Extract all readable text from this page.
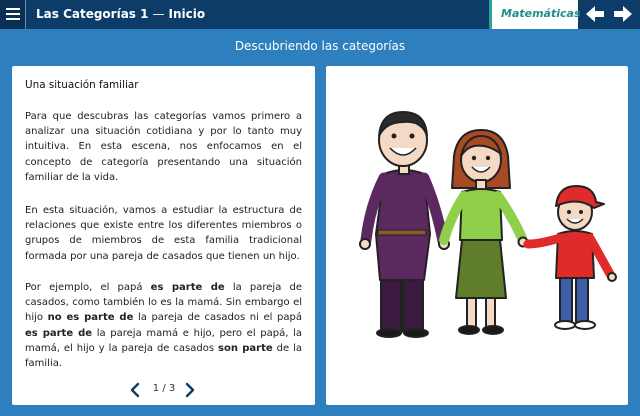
Las Categorías 1 — Inicio	Matemáticas
Descubriendo las categorías
Una situación familiar
Para que descubras las categorías vamos primero a analizar una situación cotidiana y por lo tanto muy intuitiva. En esta escena, nos enfocamos en el concepto de categoría presentando una situación familiar de la vida.
En esta situación, vamos a estudiar la estructura de relaciones que existe entre los diferentes miembros o grupos de miembros de esta familia tradicional formada por una pareja de casados que tienen un hijo.
Por ejemplo, el papá es parte de la pareja de casados, como también lo es la mamá. Sin embargo el hijo no es parte de la pareja de casados ni el papá es parte de la pareja mamá e hijo, pero el papá, la mamá, el hijo y la pareja de casados son parte de la familia.
1 / 3
